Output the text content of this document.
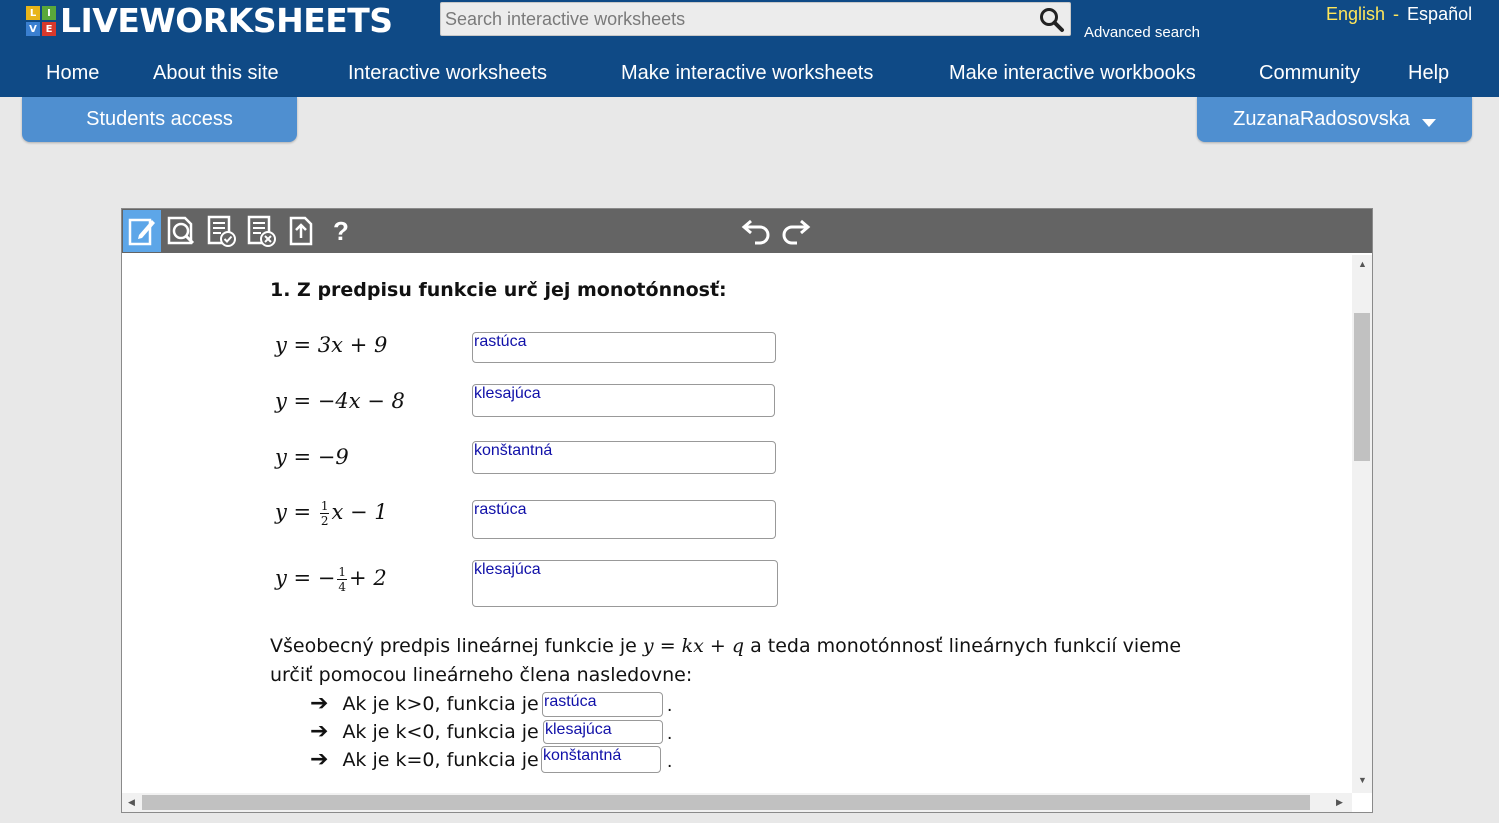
L	I
V E LIVEWORKSHEETS
Search interactive worksheets	Advanced search
English - Español
Home	About this site	Interactive worksheets	Make interactive worksheets	Make interactive workbooks	Community Help
Students access	ZuzanaRadosovska
?
1. Z predpisu funkcie urč jej monotónnosť:
y = 3x + 9	rastúca
y = −4x − 8	klesajúca
y = −9	konštantná
$y = \frac{1}{2}$ x − 1	rastúca
y = − $\frac{1}{4} + 2$	klesajúca
Všeobecný predpis lineárnej funkcie je y = kx + q a teda monotónnosť lineárnych funkcií vieme
určiť pomocou lineárneho člena nasledovne:
➔ Ak je k>0, funkcia je rastúca	.
➔ Ak je k<0, funkcia je klesajúca	.
➔ Ak je k=0, funkcia je konštantná	.
▲
▼
◀	▶
